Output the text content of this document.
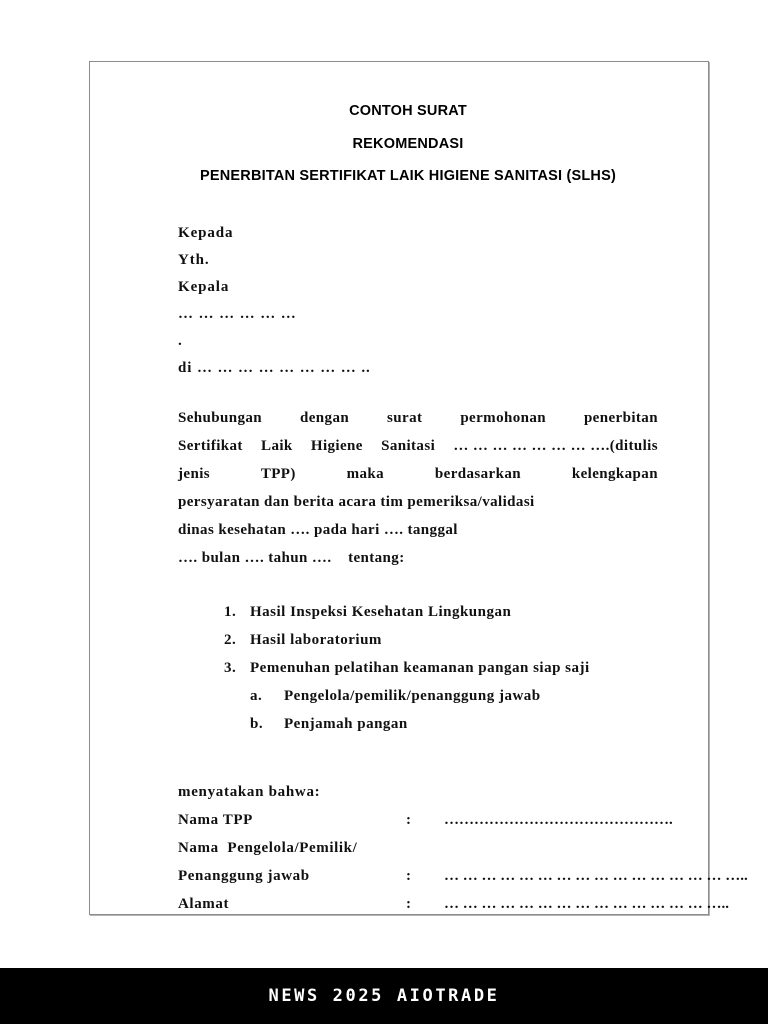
CONTOH SURAT
REKOMENDASI
PENERBITAN SERTIFIKAT LAIK HIGIENE SANITASI (SLHS)
Kepada
Yth.
Kepala
… … … … … …
.
di … … … … … … … … ..
Sehubungan	dengan	surat	permohonan	penerbitan
Sertifikat Laik Higiene Sanitasi … … … … … … … ….(ditulis
jenis	TPP)	maka	berdasarkan	kelengkapan
persyaratan dan berita acara tim pemeriksa/validasi
dinas kesehatan …. pada hari …. tanggal
…. bulan …. tahun ….    tentang:
1. Hasil Inspeksi Kesehatan Lingkungan
2. Hasil laboratorium
3. Pemenuhan pelatihan keamanan pangan siap saji
a.	Pengelola/pemilik/penanggung jawab
b.	Penjamah pangan
menyatakan bahwa:
Nama TPP	:	……………………………………….
Nama  Pengelola/Pemilik/
Penanggung jawab	:	… … … … … … … … … … … … … … … …..
Alamat	:	… … … … … … … … … … … … … … …..
NEWS 2025 AIOTRADE
